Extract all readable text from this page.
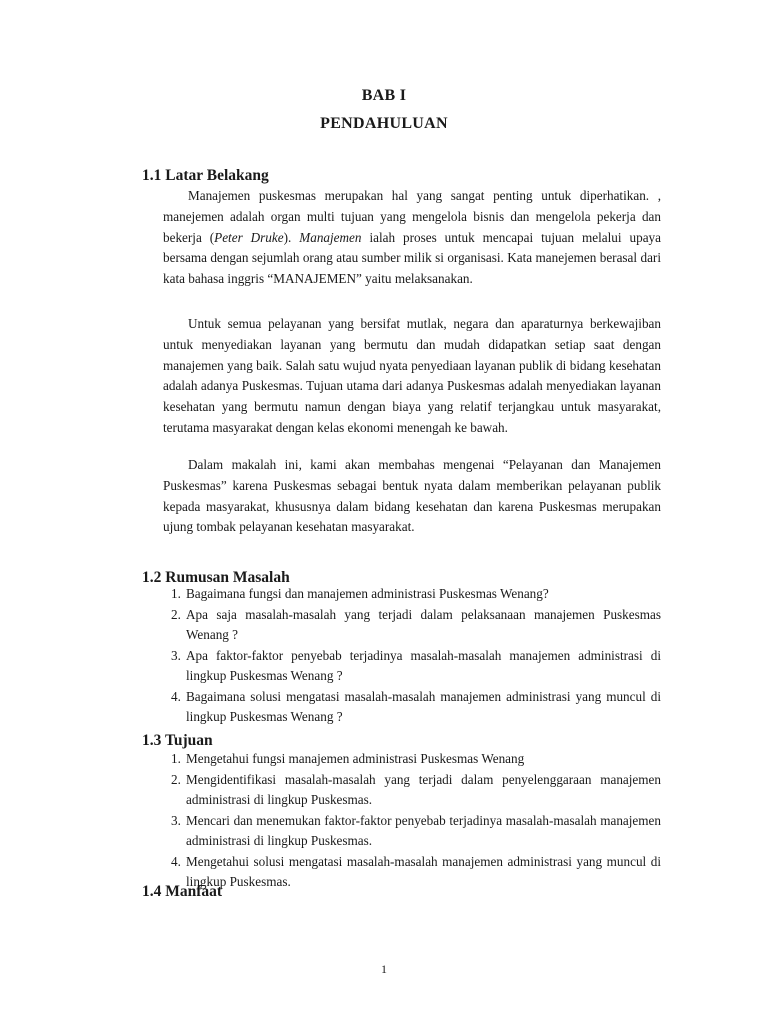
BAB I
PENDAHULUAN
1.1 Latar Belakang

Manajemen puskesmas merupakan hal yang sangat penting untuk diperhatikan. , manejemen adalah organ multi tujuan yang mengelola bisnis dan mengelola pekerja dan bekerja (Peter Druke). Manajemen ialah proses untuk mencapai tujuan melalui upaya bersama dengan sejumlah orang atau sumber milik si organisasi. Kata manejemen berasal dari kata bahasa inggris “MANAJEMEN” yaitu melaksanakan.

Untuk semua pelayanan yang bersifat mutlak, negara dan aparaturnya berkewajiban untuk menyediakan layanan yang bermutu dan mudah didapatkan setiap saat dengan manajemen yang baik. Salah satu wujud nyata penyediaan layanan publik di bidang kesehatan adalah adanya Puskesmas. Tujuan utama dari adanya Puskesmas adalah menyediakan layanan kesehatan yang bermutu namun dengan biaya yang relatif terjangkau untuk masyarakat, terutama masyarakat dengan kelas ekonomi menengah ke bawah.

Dalam makalah ini, kami akan membahas mengenai “Pelayanan dan Manajemen Puskesmas” karena Puskesmas sebagai bentuk nyata dalam memberikan pelayanan publik kepada masyarakat, khususnya dalam bidang kesehatan dan karena Puskesmas merupakan ujung tombak pelayanan kesehatan masyarakat.

1.2 Rumusan Masalah
1. Bagaimana fungsi dan manajemen administrasi Puskesmas Wenang?
2. Apa saja masalah-masalah yang terjadi dalam pelaksanaan manajemen Puskesmas Wenang ?
3. Apa faktor-faktor penyebab terjadinya masalah-masalah manajemen administrasi di lingkup Puskesmas Wenang ?
4. Bagaimana solusi mengatasi masalah-masalah manajemen administrasi yang muncul di lingkup Puskesmas Wenang ?
1.3 Tujuan
1. Mengetahui fungsi manajemen administrasi Puskesmas Wenang
2. Mengidentifikasi masalah-masalah yang terjadi dalam penyelenggaraan manajemen administrasi di lingkup Puskesmas.
3. Mencari dan menemukan faktor-faktor penyebab terjadinya masalah-masalah manajemen administrasi di lingkup Puskesmas.
4. Mengetahui solusi mengatasi masalah-masalah manajemen administrasi yang muncul di lingkup Puskesmas.
1.4 Manfaat
1
